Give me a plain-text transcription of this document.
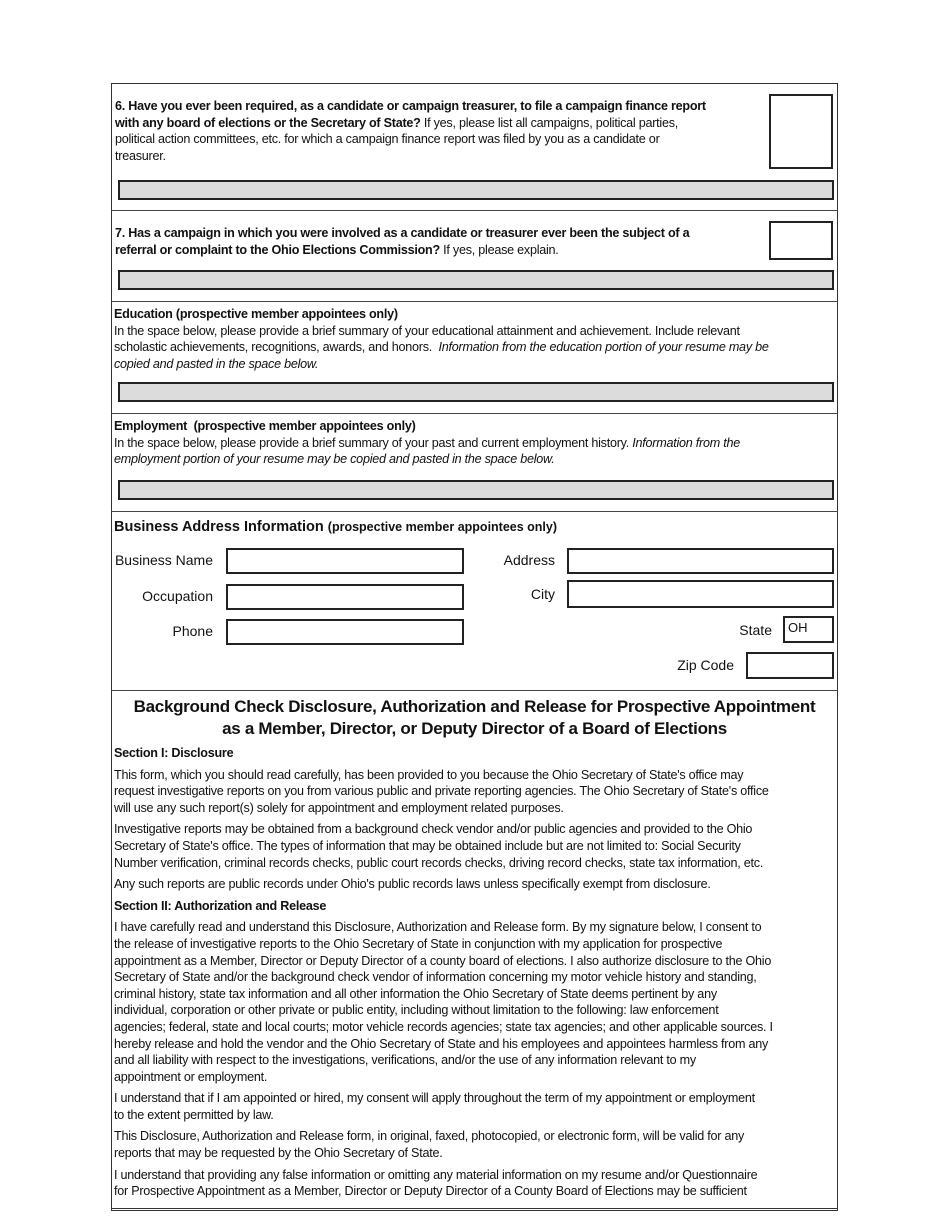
6. Have you ever been required, as a candidate or campaign treasurer, to file a campaign finance report
with any board of elections or the Secretary of State? If yes, please list all campaigns, political parties,
political action committees, etc. for which a campaign finance report was filed by you as a candidate or
treasurer.
7. Has a campaign in which you were involved as a candidate or treasurer ever been the subject of a
referral or complaint to the Ohio Elections Commission? If yes, please explain.
Education (prospective member appointees only)
In the space below, please provide a brief summary of your educational attainment and achievement. Include relevant
scholastic achievements, recognitions, awards, and honors.  Information from the education portion of your resume may be
copied and pasted in the space below.
Employment  (prospective member appointees only)
In the space below, please provide a brief summary of your past and current employment history. Information from the
employment portion of your resume may be copied and pasted in the space below.
Business Address Information (prospective member appointees only)
Business Name
Occupation
Phone
Address
City
State	OH
Zip Code
Background Check Disclosure, Authorization and Release for Prospective Appointment
as a Member, Director, or Deputy Director of a Board of Elections
Section I: Disclosure
This form, which you should read carefully, has been provided to you because the Ohio Secretary of State's office may
request investigative reports on you from various public and private reporting agencies. The Ohio Secretary of State's office
will use any such report(s) solely for appointment and employment related purposes.
Investigative reports may be obtained from a background check vendor and/or public agencies and provided to the Ohio
Secretary of State's office. The types of information that may be obtained include but are not limited to: Social Security
Number verification, criminal records checks, public court records checks, driving record checks, state tax information, etc.
Any such reports are public records under Ohio's public records laws unless specifically exempt from disclosure.
Section II: Authorization and Release
I have carefully read and understand this Disclosure, Authorization and Release form. By my signature below, I consent to
the release of investigative reports to the Ohio Secretary of State in conjunction with my application for prospective
appointment as a Member, Director or Deputy Director of a county board of elections. I also authorize disclosure to the Ohio
Secretary of State and/or the background check vendor of information concerning my motor vehicle history and standing,
criminal history, state tax information and all other information the Ohio Secretary of State deems pertinent by any
individual, corporation or other private or public entity, including without limitation to the following: law enforcement
agencies; federal, state and local courts; motor vehicle records agencies; state tax agencies; and other applicable sources. I
hereby release and hold the vendor and the Ohio Secretary of State and his employees and appointees harmless from any
and all liability with respect to the investigations, verifications, and/or the use of any information relevant to my
appointment or employment.
I understand that if I am appointed or hired, my consent will apply throughout the term of my appointment or employment
to the extent permitted by law.
This Disclosure, Authorization and Release form, in original, faxed, photocopied, or electronic form, will be valid for any
reports that may be requested by the Ohio Secretary of State.
I understand that providing any false information or omitting any material information on my resume and/or Questionnaire
for Prospective Appointment as a Member, Director or Deputy Director of a County Board of Elections may be sufficient
